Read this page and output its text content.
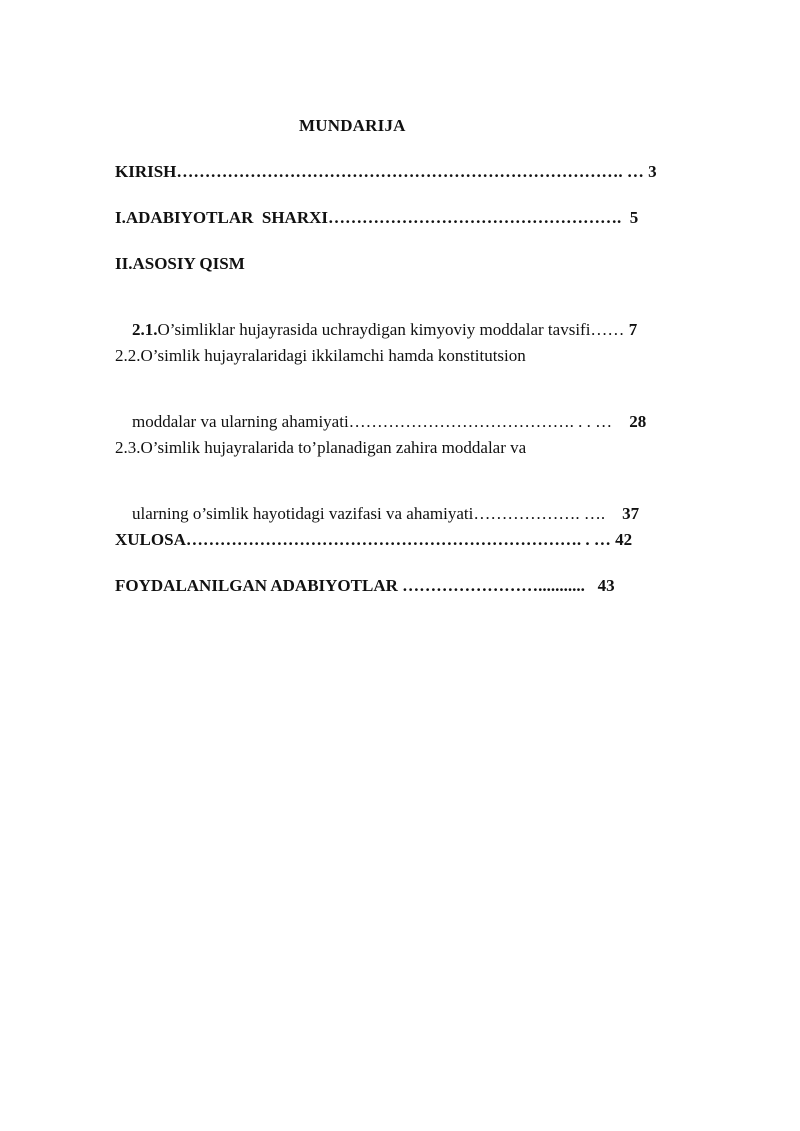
MUNDARIJA
KIRISH……………………………………………………………………. … 3
I.ADABIYOTLAR  SHARXI…………………………………………….  5
II.ASOSIY QISM

2.1.O’simliklar hujayrasida uchraydigan kimyoviy moddalar tavsifi…… 7

2.2.O’simlik hujayralaridagi ikkilamchi hamda konstitutsion

moddalar va ularning ahamiyati…………………………………. . . …    28

2.3.O’simlik hujayralarida to’planadigan zahira moddalar va

ularning o’simlik hayotidagi vazifasi va ahamiyati………………. ….    37

XULOSA……………………………………………………………. . … 42
FOYDALANILGAN ADABIYOTLAR ……………………...........   43
